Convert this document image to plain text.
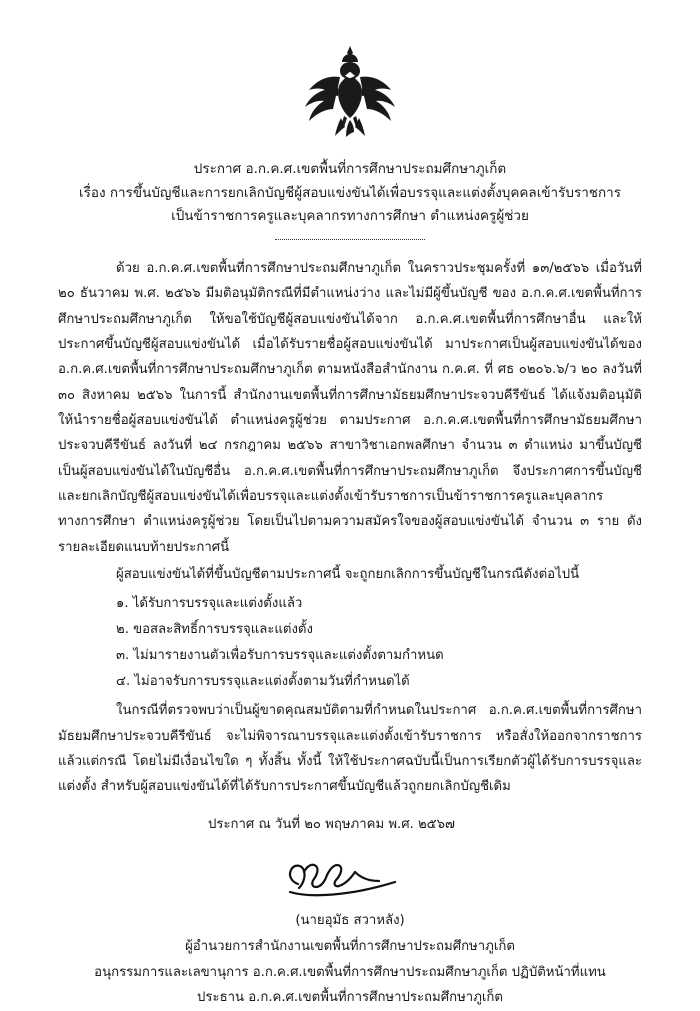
ประกาศ อ.ก.ค.ศ.เขตพื้นที่การศึกษาประถมศึกษาภูเก็ต
เรื่อง การขึ้นบัญชีและการยกเลิกบัญชีผู้สอบแข่งขันได้เพื่อบรรจุและแต่งตั้งบุคคลเข้ารับราชการ
เป็นข้าราชการครูและบุคลากรทางการศึกษา ตำแหน่งครูผู้ช่วย

ด้วย อ.ก.ค.ศ.เขตพื้นที่การศึกษาประถมศึกษาภูเก็ต ในคราวประชุมครั้งที่ ๑๓/๒๕๖๖ เมื่อวันที่ ๒๐ ธันวาคม พ.ศ. ๒๕๖๖ มีมติอนุมัติกรณีที่มีตำแหน่งว่าง และไม่มีผู้ขึ้นบัญชี ของ อ.ก.ค.ศ.เขตพื้นที่การศึกษาประถมศึกษาภูเก็ต ให้ขอใช้บัญชีผู้สอบแข่งขันได้จาก อ.ก.ค.ศ.เขตพื้นที่การศึกษาอื่น และให้ประกาศขึ้นบัญชีผู้สอบแข่งขันได้ เมื่อได้รับรายชื่อผู้สอบแข่งขันได้ มาประกาศเป็นผู้สอบแข่งขันได้ของ อ.ก.ค.ศ.เขตพื้นที่การศึกษาประถมศึกษาภูเก็ต ตามหนังสือสำนักงาน ก.ค.ศ. ที่ ศธ ๐๒๐๖.๖/ว ๒๐ ลงวันที่ ๓๐ สิงหาคม ๒๕๖๖ ในการนี้ สำนักงานเขตพื้นที่การศึกษามัธยมศึกษาประจวบคีรีขันธ์ ได้แจ้งมติอนุมัติให้นำรายชื่อผู้สอบแข่งขันได้ ตำแหน่งครูผู้ช่วย ตามประกาศ อ.ก.ค.ศ.เขตพื้นที่การศึกษามัธยมศึกษาประจวบคีรีขันธ์ ลงวันที่ ๒๔ กรกฎาคม ๒๕๖๖ สาขาวิชาเอกพลศึกษา จำนวน ๓ ตำแหน่ง มาขึ้นบัญชีเป็นผู้สอบแข่งขันได้ในบัญชีอื่น อ.ก.ค.ศ.เขตพื้นที่การศึกษาประถมศึกษาภูเก็ต จึงประกาศการขึ้นบัญชีและยกเลิกบัญชีผู้สอบแข่งขันได้เพื่อบรรจุและแต่งตั้งเข้ารับราชการเป็นข้าราชการครูและบุคลากรทางการศึกษา ตำแหน่งครูผู้ช่วย โดยเป็นไปตามความสมัครใจของผู้สอบแข่งขันได้ จำนวน ๓ ราย ดังรายละเอียดแนบท้ายประกาศนี้

ผู้สอบแข่งขันได้ที่ขึ้นบัญชีตามประกาศนี้ จะถูกยกเลิกการขึ้นบัญชีในกรณีดังต่อไปนี้

๑. ได้รับการบรรจุและแต่งตั้งแล้ว
๒. ขอสละสิทธิ์การบรรจุและแต่งตั้ง
๓. ไม่มารายงานตัวเพื่อรับการบรรจุและแต่งตั้งตามกำหนด
๔. ไม่อาจรับการบรรจุและแต่งตั้งตามวันที่กำหนดได้

ในกรณีที่ตรวจพบว่าเป็นผู้ขาดคุณสมบัติตามที่กำหนดในประกาศ อ.ก.ค.ศ.เขตพื้นที่การศึกษามัธยมศึกษาประจวบคีรีขันธ์ จะไม่พิจารณาบรรจุและแต่งตั้งเข้ารับราชการ หรือสั่งให้ออกจากราชการแล้วแต่กรณี โดยไม่มีเงื่อนไขใด ๆ ทั้งสิ้น ทั้งนี้ ให้ใช้ประกาศฉบับนี้เป็นการเรียกตัวผู้ได้รับการบรรจุและแต่งตั้ง สำหรับผู้สอบแข่งขันได้ที่ได้รับการประกาศขึ้นบัญชีแล้วถูกยกเลิกบัญชีเดิม

ประกาศ ณ วันที่ ๒๐ พฤษภาคม พ.ศ. ๒๕๖๗

(นายอุมัธ สวาหลัง)
ผู้อำนวยการสำนักงานเขตพื้นที่การศึกษาประถมศึกษาภูเก็ต
อนุกรรมการและเลขานุการ อ.ก.ค.ศ.เขตพื้นที่การศึกษาประถมศึกษาภูเก็ต ปฏิบัติหน้าที่แทน
ประธาน อ.ก.ค.ศ.เขตพื้นที่การศึกษาประถมศึกษาภูเก็ต
